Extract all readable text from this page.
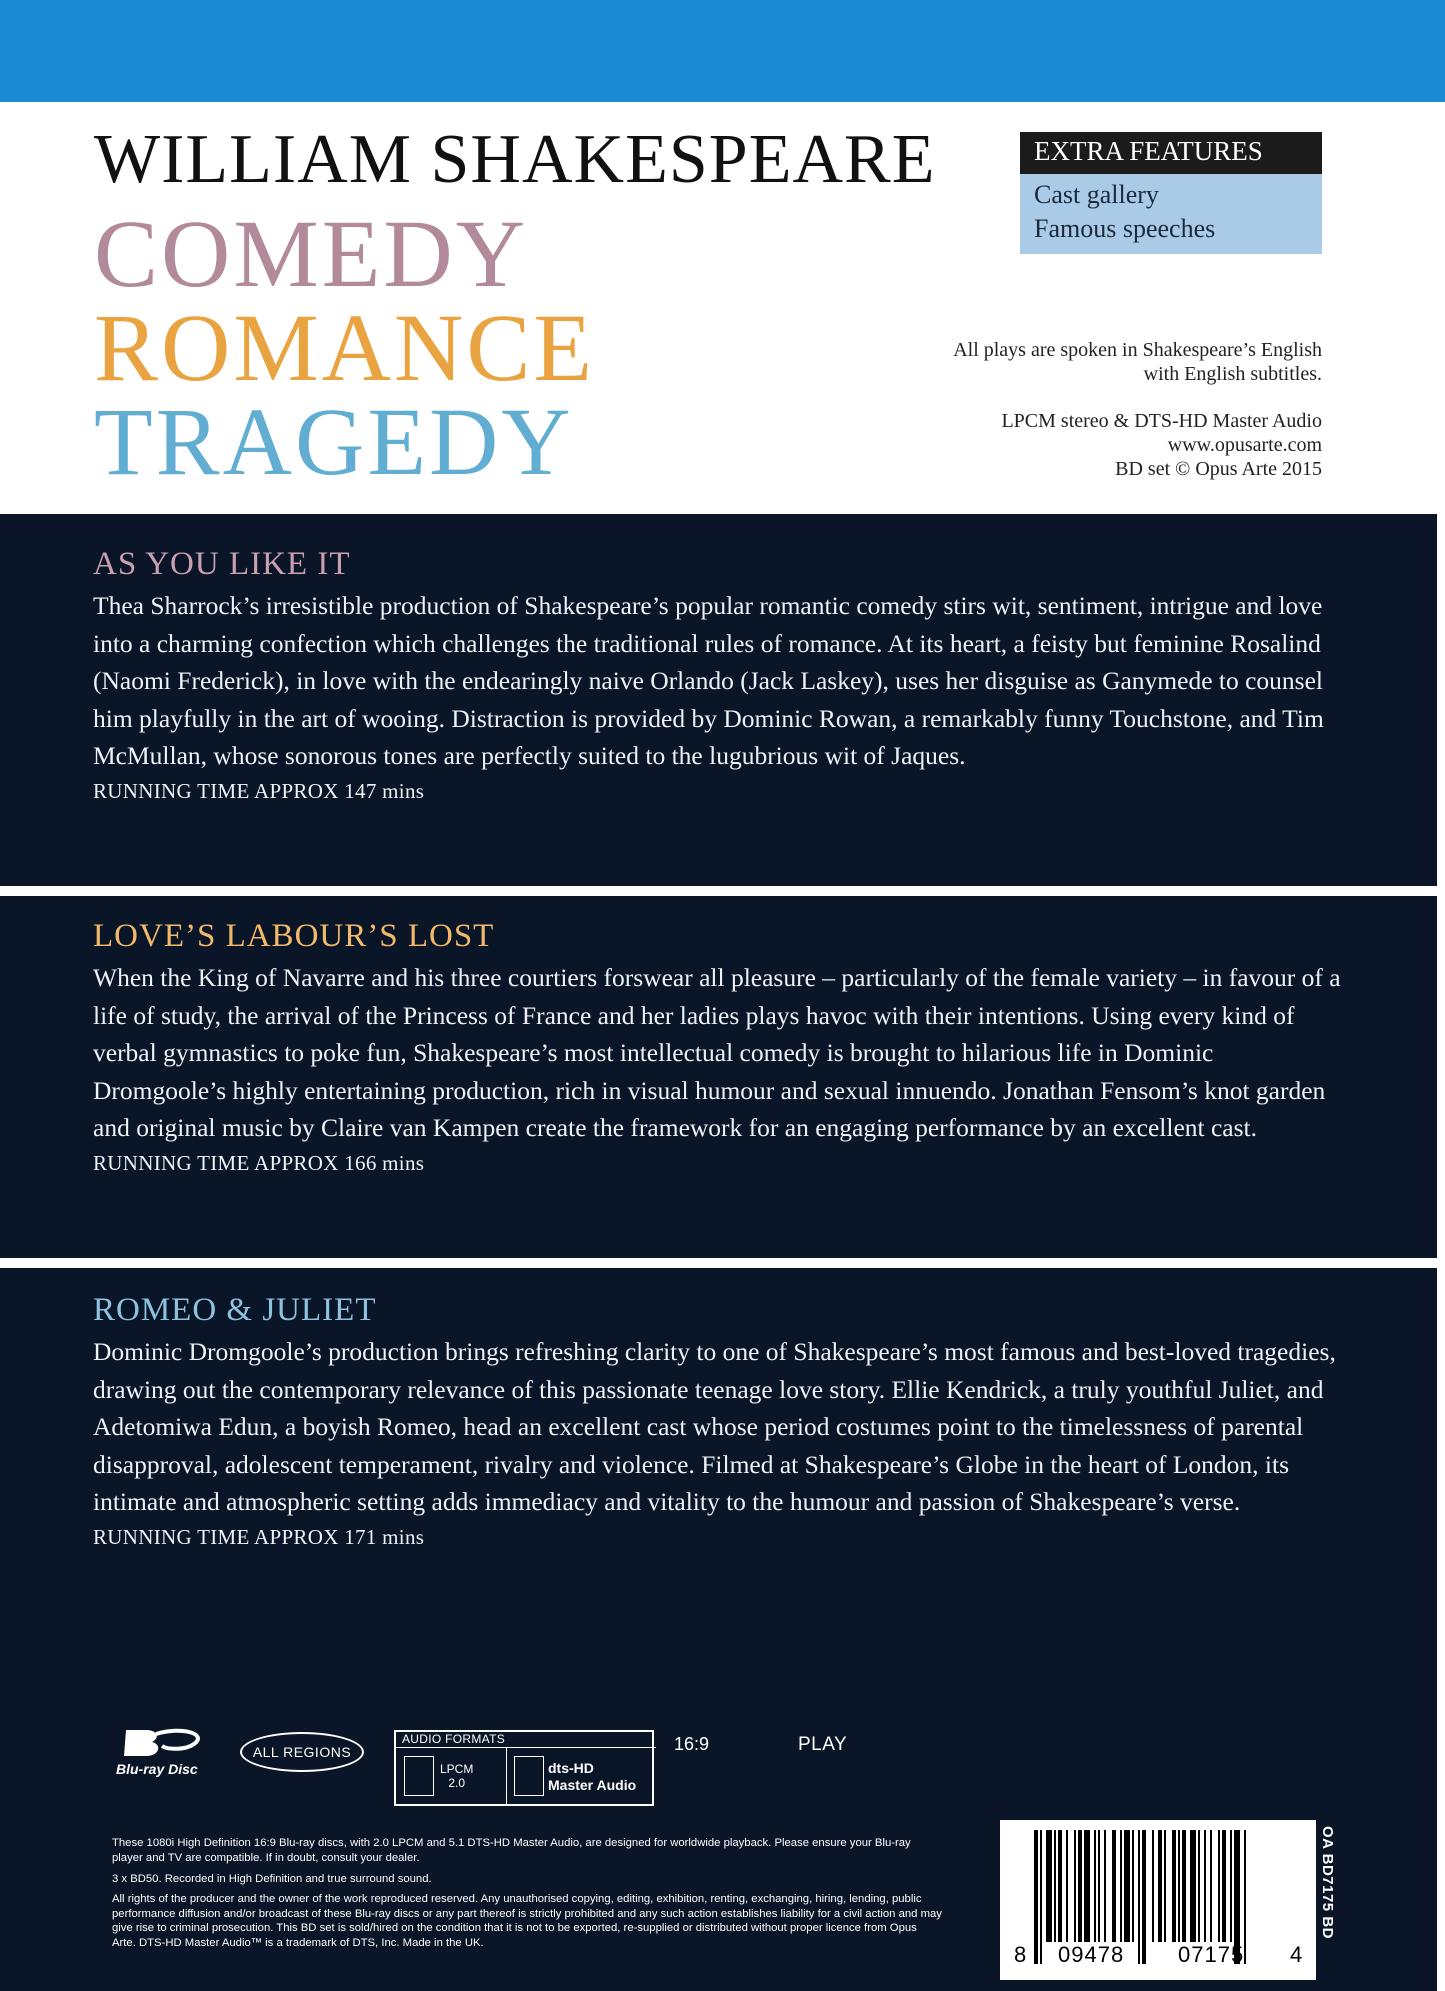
WILLIAM SHAKESPEARE
COMEDY
ROMANCE
TRAGEDY
EXTRA FEATURES
Cast gallery
Famous speeches
All plays are spoken in Shakespeare’s English
with English subtitles.
LPCM stereo & DTS-HD Master Audio
www.opusarte.com
BD set © Opus Arte 2015
AS YOU LIKE IT

Thea Sharrock’s irresistible production of Shakespeare’s popular romantic comedy stirs wit, sentiment, intrigue and love into a charming confection which challenges the traditional rules of romance. At its heart, a feisty but feminine Rosalind (Naomi Frederick), in love with the endearingly naive Orlando (Jack Laskey), uses her disguise as Ganymede to counsel him playfully in the art of wooing. Distraction is provided by Dominic Rowan, a remarkably funny Touchstone, and Tim McMullan, whose sonorous tones are perfectly suited to the lugubrious wit of Jaques.

RUNNING TIME APPROX 147 mins
LOVE’S LABOUR’S LOST

When the King of Navarre and his three courtiers forswear all pleasure – particularly of the female variety – in favour of a life of study, the arrival of the Princess of France and her ladies plays havoc with their intentions. Using every kind of verbal gymnastics to poke fun, Shakespeare’s most intellectual comedy is brought to hilarious life in Dominic Dromgoole’s highly entertaining production, rich in visual humour and sexual innuendo. Jonathan Fensom’s knot garden and original music by Claire van Kampen create the framework for an engaging performance by an excellent cast.

RUNNING TIME APPROX 166 mins
ROMEO & JULIET

Dominic Dromgoole’s production brings refreshing clarity to one of Shakespeare’s most famous and best-loved tragedies, drawing out the contemporary relevance of this passionate teenage love story. Ellie Kendrick, a truly youthful Juliet, and Adetomiwa Edun, a boyish Romeo, head an excellent cast whose period costumes point to the timelessness of parental disapproval, adolescent temperament, rivalry and violence. Filmed at Shakespeare’s Globe in the heart of London, its intimate and atmospheric setting adds immediacy and vitality to the humour and passion of Shakespeare’s verse.

RUNNING TIME APPROX 171 mins
Blu-ray Disc
ALL REGIONS
AUDIO FORMATS
LPCM
2.0
dts-HD
Master Audio
16:9	PLAY
These 1080i High Definition 16:9 Blu-ray discs, with 2.0 LPCM and 5.1 DTS-HD Master Audio, are designed for worldwide playback. Please ensure your Blu-ray player and TV are compatible. If in doubt, consult your dealer.
3 x BD50. Recorded in High Definition and true surround sound.
All rights of the producer and the owner of the work reproduced reserved. Any unauthorised copying, editing, exhibition, renting, exchanging, hiring, lending, public performance diffusion and/or broadcast of these Blu-ray discs or any part thereof is strictly prohibited and any such action establishes liability for a civil action and may give rise to criminal prosecution. This BD set is sold/hired on the condition that it is not to be exported, re-supplied or distributed without proper licence from Opus Arte. DTS-HD Master Audio™ is a trademark of DTS, Inc. Made in the UK.	8 09478 07175 4
OA BD7175 BD
